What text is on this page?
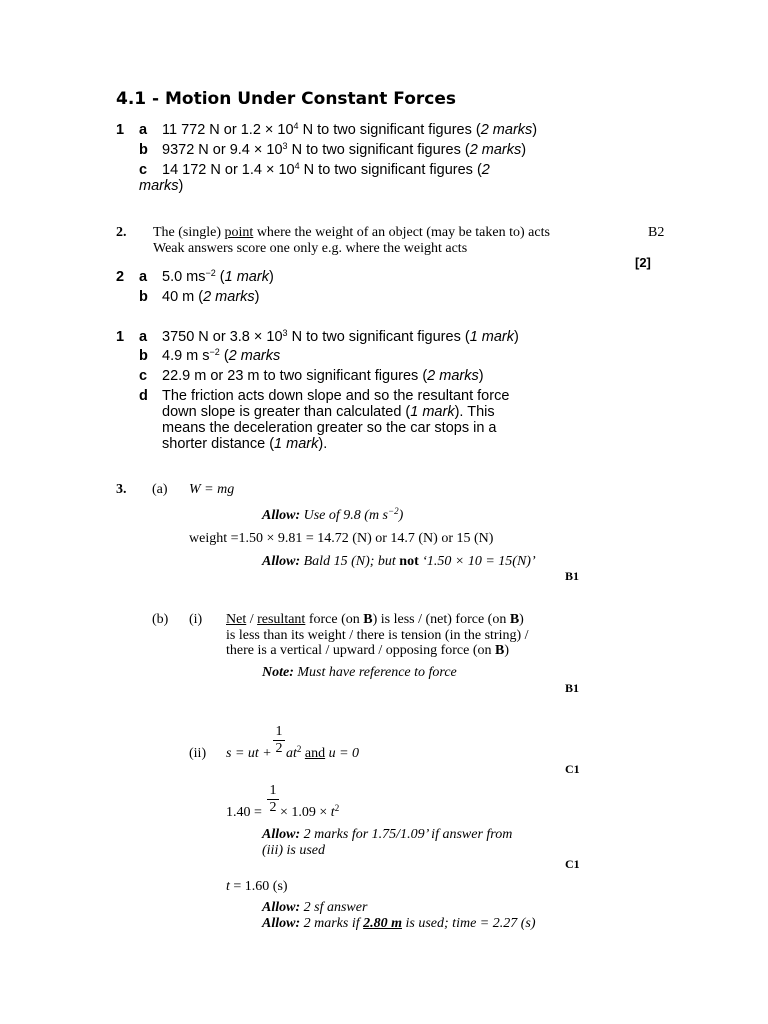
4.1 - Motion Under Constant Forces
1 a 11 772 N or $1.2 \times 10^4$ N to two significant figures (2 marks)
b 9372 N or $9.4 \times 10^3$ N to two significant figures (2 marks)
c 14 172 N or $1.4 \times 10^4$ N to two significant figures (2
marks)
2. The (single) point where the weight of an object (may be taken to) acts
Weak answers score one only e.g. where the weight acts
B2
[2]
2 a 5.0 $ms^{-2}$ (1 mark)
b 40 m (2 marks)
1 a 3750 N or $3.8 \times 10^3$ N to two significant figures (1 mark)
b 4.9 m $s^{-2}$ (2 marks
c 22.9 m or 23 m to two significant figures (2 marks)
d The friction acts down slope and so the resultant force
down slope is greater than calculated (1 mark). This
means the deceleration greater so the car stops in a
shorter distance (1 mark).
3. (a) W = mg
Allow: Use of 9.8 (m $s^{-2}$)
weight =1.50 × 9.81 = 14.72 (N) or 14.7 (N) or 15 (N)
Allow: Bald 15 (N); but not ‘1.50 × 10 = 15(N)’
B1
(b) (i) Net / resultant force (on B) is less / (net) force (on B)
is less than its weight / there is tension (in the string) /
there is a vertical / upward / opposing force (on B)
Note: Must have reference to force
B1
(ii)
1
2
s = ut + $at^2$ and u = 0
C1
1
2
1.40 = × $1.09 \times t^2$
Allow: 2 marks for 1.75/1.09’ if answer from
(iii) is used
C1
t = 1.60 (s)
Allow: 2 sf answer
Allow: 2 marks if 2.80 m is used; time = 2.27 (s)
